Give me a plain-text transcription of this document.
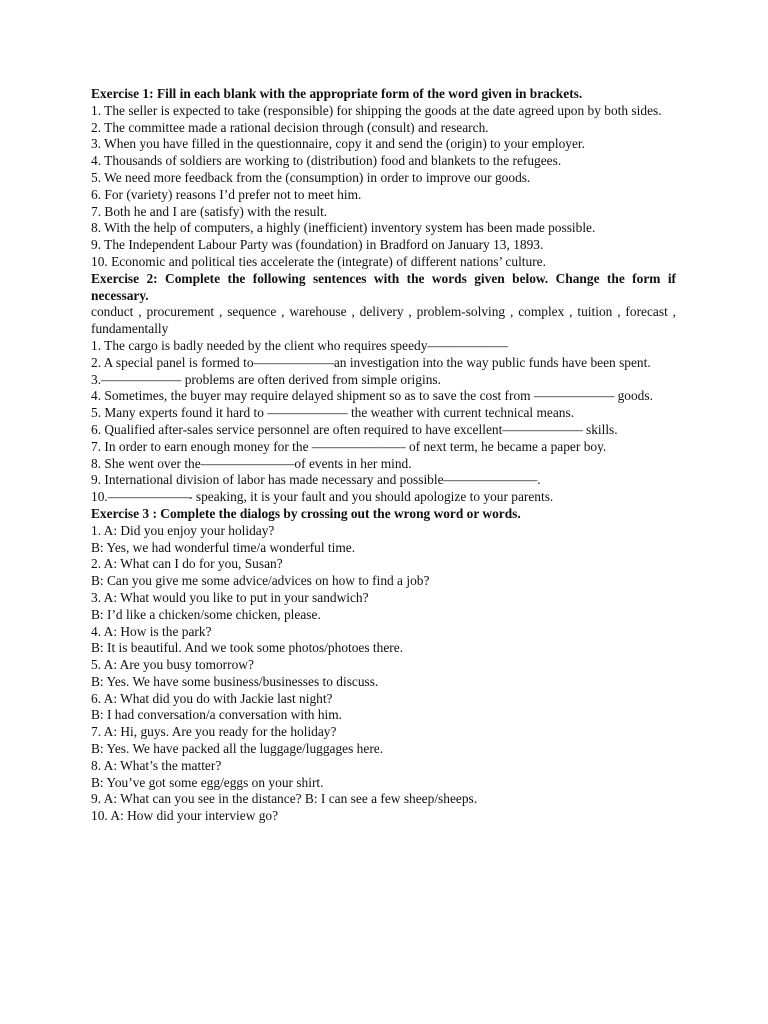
Exercise 1: Fill in each blank with the appropriate form of the word given in brackets.

1. The seller is expected to take (responsible) for shipping the goods at the date agreed upon by both sides.

2. The committee made a rational decision through (consult) and research.

3. When you have filled in the questionnaire, copy it and send the (origin) to your employer.

4. Thousands of soldiers are working to (distribution) food and blankets to the refugees.

5. We need more feedback from the (consumption) in order to improve our goods.

6. For (variety) reasons I’d prefer not to meet him.

7. Both he and I are (satisfy) with the result.

8. With the help of computers, a highly (inefficient) inventory system has been made possible.

9. The Independent Labour Party was (foundation) in Bradford on January 13, 1893.

10. Economic and political ties accelerate the (integrate) of different nations’ culture.

Exercise 2: Complete the following sentences with the words given below. Change the form if necessary.

conduct , procurement , sequence , warehouse , delivery , problem-solving , complex , tuition , forecast , fundamentally

1. The cargo is badly needed by the client who requires speedy——————

2. A special panel is formed to——————an investigation into the way public funds have been spent.

3.—————— problems are often derived from simple origins.

4. Sometimes, the buyer may require delayed shipment so as to save the cost from —————— goods.

5. Many experts found it hard to —————— the weather with current technical means.

6. Qualified after-sales service personnel are often required to have excellent—————— skills.

7. In order to earn enough money for the ——————— of next term, he became a paper boy.

8. She went over the———————of events in her mind.

9. International division of labor has made necessary and possible———————.

10.——————- speaking, it is your fault and you should apologize to your parents.

Exercise 3 : Complete the dialogs by crossing out the wrong word or words.

1. A: Did you enjoy your holiday?

B: Yes, we had wonderful time/a wonderful time.

2. A: What can I do for you, Susan?

B: Can you give me some advice/advices on how to find a job?

3. A: What would you like to put in your sandwich?

B: I’d like a chicken/some chicken, please.

4. A: How is the park?

B: It is beautiful. And we took some photos/photoes there.

5. A: Are you busy tomorrow?

B: Yes. We have some business/businesses to discuss.

6. A: What did you do with Jackie last night?

B: I had conversation/a conversation with him.

7. A: Hi, guys. Are you ready for the holiday?

B: Yes. We have packed all the luggage/luggages here.

8. A: What’s the matter?

B: You’ve got some egg/eggs on your shirt.

9. A: What can you see in the distance? B: I can see a few sheep/sheeps.

10. A: How did your interview go?
